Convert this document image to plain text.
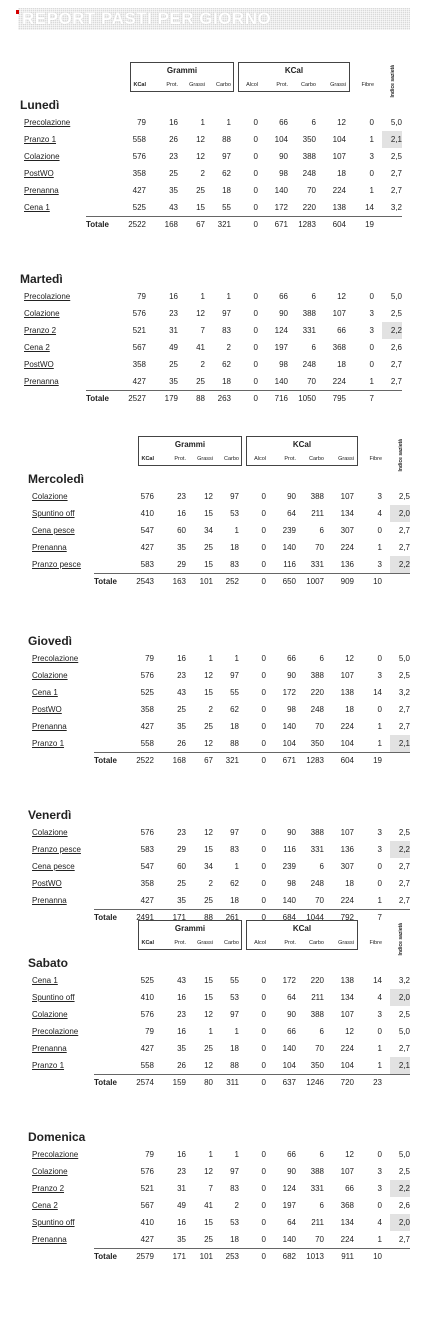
REPORT PASTI PER GIORNO
Grammi	KCal
KCal	Prot.	Grassi	Carbo	Alcol	Prot.	Carbo	Grassi	Fibre	Indice sazietà
Lunedì
Precolazione	79	16	1	1	0	66	6	12	0	5,0
Pranzo 1	558	26	12	88	0	104	350	104	1	2,1
Colazione	576	23	12	97	0	90	388	107	3	2,5
PostWO	358	25	2	62	0	98	248	18	0	2,7
Prenanna	427	35	25	18	0	140	70	224	1	2,7
Cena 1	525	43	15	55	0	172	220	138	14	3,2
Totale	2522	168	67	321	0	671	1283	604	19
Martedì
Precolazione	79	16	1	1	0	66	6	12	0	5,0
Colazione	576	23	12	97	0	90	388	107	3	2,5
Pranzo 2	521	31	7	83	0	124	331	66	3	2,2
Cena 2	567	49	41	2	0	197	6	368	0	2,6
PostWO	358	25	2	62	0	98	248	18	0	2,7
Prenanna	427	35	25	18	0	140	70	224	1	2,7
Totale	2527	179	88	263	0	716	1050	795	7
Grammi	KCal
KCal	Prot.	Grassi	Carbo	Alcol	Prot.	Carbo	Grassi	Fibre	Indice sazietà
Mercoledì
Colazione	576	23	12	97	0	90	388	107	3	2,5
Spuntino off	410	16	15	53	0	64	211	134	4	2,0
Cena pesce	547	60	34	1	0	239	6	307	0	2,7
Prenanna	427	35	25	18	0	140	70	224	1	2,7
Pranzo pesce	583	29	15	83	0	116	331	136	3	2,2
Totale	2543	163	101	252	0	650	1007	909	10
Giovedì
Precolazione	79	16	1	1	0	66	6	12	0	5,0
Colazione	576	23	12	97	0	90	388	107	3	2,5
Cena 1	525	43	15	55	0	172	220	138	14	3,2
PostWO	358	25	2	62	0	98	248	18	0	2,7
Prenanna	427	35	25	18	0	140	70	224	1	2,7
Pranzo 1	558	26	12	88	0	104	350	104	1	2,1
Totale	2522	168	67	321	0	671	1283	604	19
Venerdì
Colazione	576	23	12	97	0	90	388	107	3	2,5
Pranzo pesce	583	29	15	83	0	116	331	136	3	2,2
Cena pesce	547	60	34	1	0	239	6	307	0	2,7
PostWO	358	25	2	62	0	98	248	18	0	2,7
Prenanna	427	35	25	18	0	140	70	224	1	2,7
Totale	2491	171	88	261	0	684	1044	792	7
Grammi	KCal
KCal	Prot.	Grassi	Carbo	Alcol	Prot.	Carbo	Grassi	Fibre	Indice sazietà
Sabato
Cena 1	525	43	15	55	0	172	220	138	14	3,2
Spuntino off	410	16	15	53	0	64	211	134	4	2,0
Colazione	576	23	12	97	0	90	388	107	3	2,5
Precolazione	79	16	1	1	0	66	6	12	0	5,0
Prenanna	427	35	25	18	0	140	70	224	1	2,7
Pranzo 1	558	26	12	88	0	104	350	104	1	2,1
Totale	2574	159	80	311	0	637	1246	720	23
Domenica
Precolazione	79	16	1	1	0	66	6	12	0	5,0
Colazione	576	23	12	97	0	90	388	107	3	2,5
Pranzo 2	521	31	7	83	0	124	331	66	3	2,2
Cena 2	567	49	41	2	0	197	6	368	0	2,6
Spuntino off	410	16	15	53	0	64	211	134	4	2,0
Prenanna	427	35	25	18	0	140	70	224	1	2,7
Totale	2579	171	101	253	0	682	1013	911	10
